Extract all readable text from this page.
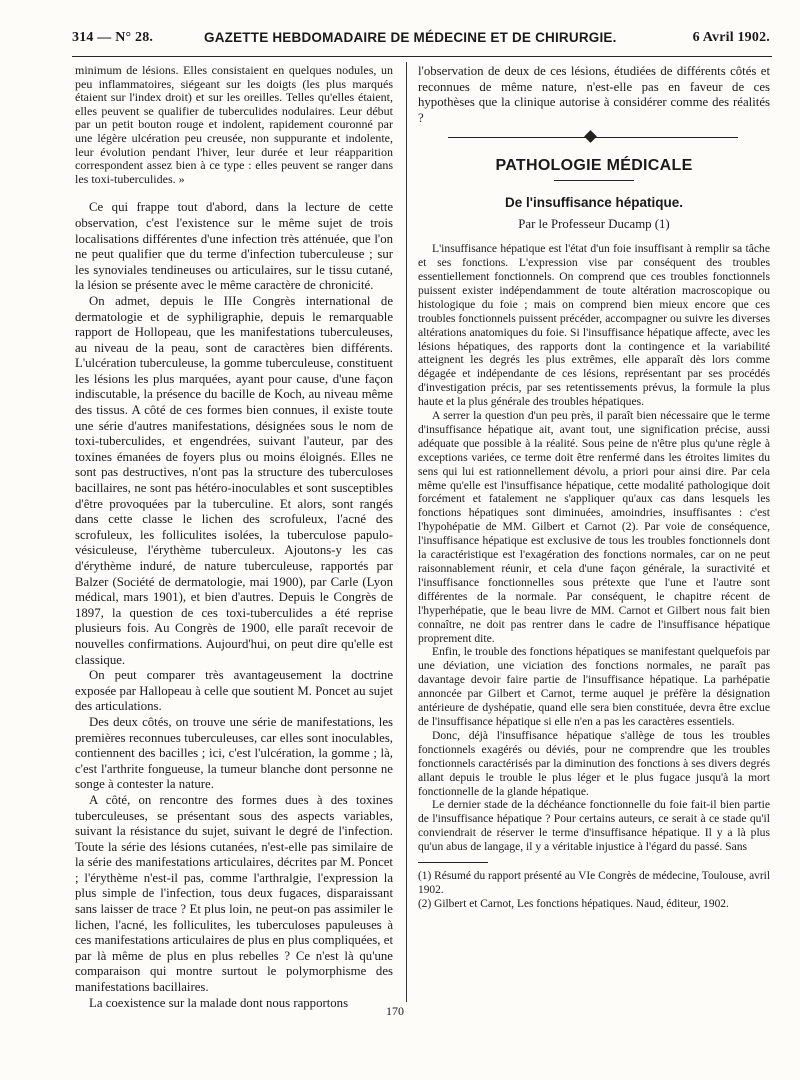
314 — N° 28.	GAZETTE HEBDOMADAIRE DE MÉDECINE ET DE CHIRURGIE.	6 Avril 1902.

minimum de lésions. Elles consistaient en quelques nodules, un peu inflammatoires, siégeant sur les doigts (les plus marqués étaient sur l'index droit) et sur les oreilles. Telles qu'elles étaient, elles peuvent se qualifier de tuberculides nodulaires. Leur début par un petit bouton rouge et indolent, rapidement couronné par une légère ulcération peu creusée, non suppurante et indolente, leur évolution pendant l'hiver, leur durée et leur réapparition correspondent assez bien à ce type : elles peuvent se ranger dans les toxi-tuberculides. »

Ce qui frappe tout d'abord, dans la lecture de cette observation, c'est l'existence sur le même sujet de trois localisations différentes d'une infection très atténuée, que l'on ne peut qualifier que du terme d'infection tuberculeuse ; sur les synoviales tendineuses ou articulaires, sur le tissu cutané, la lésion se présente avec le même caractère de chronicité.

On admet, depuis le IIIe Congrès international de dermatologie et de syphiligraphie, depuis le remarquable rapport de Hollopeau, que les manifestations tuberculeuses, au niveau de la peau, sont de caractères bien différents. L'ulcération tuberculeuse, la gomme tuberculeuse, constituent les lésions les plus marquées, ayant pour cause, d'une façon indiscutable, la présence du bacille de Koch, au niveau même des tissus. A côté de ces formes bien connues, il existe toute une série d'autres manifestations, désignées sous le nom de toxi-tuberculides, et engendrées, suivant l'auteur, par des toxines émanées de foyers plus ou moins éloignés. Elles ne sont pas destructives, n'ont pas la structure des tuberculoses bacillaires, ne sont pas hétéro-inoculables et sont susceptibles d'être provoquées par la tuberculine. Et alors, sont rangés dans cette classe le lichen des scrofuleux, l'acné des scrofuleux, les folliculites isolées, la tuberculose papulo-vésiculeuse, l'érythème tuberculeux. Ajoutons-y les cas d'érythème induré, de nature tuberculeuse, rapportés par Balzer (Société de dermatologie, mai 1900), par Carle (Lyon médical, mars 1901), et bien d'autres. Depuis le Congrès de 1897, la question de ces toxi-tuberculides a été reprise plusieurs fois. Au Congrès de 1900, elle paraît recevoir de nouvelles confirmations. Aujourd'hui, on peut dire qu'elle est classique.

On peut comparer très avantageusement la doctrine exposée par Hallopeau à celle que soutient M. Poncet au sujet des articulations.

Des deux côtés, on trouve une série de manifestations, les premières reconnues tuberculeuses, car elles sont inoculables, contiennent des bacilles ; ici, c'est l'ulcération, la gomme ; là, c'est l'arthrite fongueuse, la tumeur blanche dont personne ne songe à contester la nature.

A côté, on rencontre des formes dues à des toxines tuberculeuses, se présentant sous des aspects variables, suivant la résistance du sujet, suivant le degré de l'infection. Toute la série des lésions cutanées, n'est-elle pas similaire de la série des manifestations articulaires, décrites par M. Poncet ; l'érythème n'est-il pas, comme l'arthralgie, l'expression la plus simple de l'infection, tous deux fugaces, disparaissant sans laisser de trace ? Et plus loin, ne peut-on pas assimiler le lichen, l'acné, les folliculites, les tuberculoses papuleuses à ces manifestations articulaires de plus en plus compliquées, et par là même de plus en plus rebelles ? Ce n'est là qu'une comparaison qui montre surtout le polymorphisme des manifestations bacillaires.

La coexistence sur la malade dont nous rapportons

l'observation de deux de ces lésions, étudiées de différents côtés et reconnues de même nature, n'est-elle pas en faveur de ces hypothèses que la clinique autorise à considérer comme des réalités ?

PATHOLOGIE MÉDICALE
De l'insuffisance hépatique.
Par le Professeur Ducamp (1)

L'insuffisance hépatique est l'état d'un foie insuffisant à remplir sa tâche et ses fonctions. L'expression vise par conséquent des troubles essentiellement fonctionnels. On comprend que ces troubles fonctionnels puissent exister indépendamment de toute altération macroscopique ou histologique du foie ; mais on comprend bien mieux encore que ces troubles fonctionnels puissent précéder, accompagner ou suivre les diverses altérations anatomiques du foie. Si l'insuffisance hépatique affecte, avec les lésions hépatiques, des rapports dont la contingence et la variabilité atteignent les degrés les plus extrêmes, elle apparaît dès lors comme dégagée et indépendante de ces lésions, représentant par ses procédés d'investigation précis, par ses retentissements prévus, la formule la plus haute et la plus générale des troubles hépatiques.

A serrer la question d'un peu près, il paraît bien nécessaire que le terme d'insuffisance hépatique ait, avant tout, une signification précise, aussi adéquate que possible à la réalité. Sous peine de n'être plus qu'une règle à exceptions variées, ce terme doit être renfermé dans les étroites limites du sens qui lui est rationnellement dévolu, a priori pour ainsi dire. Par cela même qu'elle est l'insuffisance hépatique, cette modalité pathologique doit forcément et fatalement ne s'appliquer qu'aux cas dans lesquels les fonctions hépatiques sont diminuées, amoindries, insuffisantes : c'est l'hypohépatie de MM. Gilbert et Carnot (2). Par voie de conséquence, l'insuffisance hépatique est exclusive de tous les troubles fonctionnels dont la caractéristique est l'exagération des fonctions normales, car on ne peut raisonnablement réunir, et cela d'une façon générale, la suractivité et l'insuffisance fonctionnelles sous prétexte que l'une et l'autre sont différentes de la normale. Par conséquent, le chapitre récent de l'hyperhépatie, que le beau livre de MM. Carnot et Gilbert nous fait bien connaître, ne doit pas rentrer dans le cadre de l'insuffisance hépatique proprement dite.

Enfin, le trouble des fonctions hépatiques se manifestant quelquefois par une déviation, une viciation des fonctions normales, ne paraît pas davantage devoir faire partie de l'insuffisance hépatique. La parhépatie annoncée par Gilbert et Carnot, terme auquel je préfère la désignation antérieure de dyshépatie, quand elle sera bien constituée, devra être exclue de l'insuffisance hépatique si elle n'en a pas les caractères essentiels.

Donc, déjà l'insuffisance hépatique s'allège de tous les troubles fonctionnels exagérés ou déviés, pour ne comprendre que les troubles fonctionnels caractérisés par la diminution des fonctions à ses divers degrés allant depuis le trouble le plus léger et le plus fugace jusqu'à la mort fonctionnelle de la glande hépatique.

Le dernier stade de la déchéance fonctionnelle du foie fait-il bien partie de l'insuffisance hépatique ? Pour certains auteurs, ce serait à ce stade qu'il conviendrait de réserver le terme d'insuffisance hépatique. Il y a là plus qu'un abus de langage, il y a véritable injustice à l'égard du passé. Sans

(1) Résumé du rapport présenté au VIe Congrès de médecine, Toulouse, avril 1902.

(2) Gilbert et Carnot, Les fonctions hépatiques. Naud, éditeur, 1902.

170
